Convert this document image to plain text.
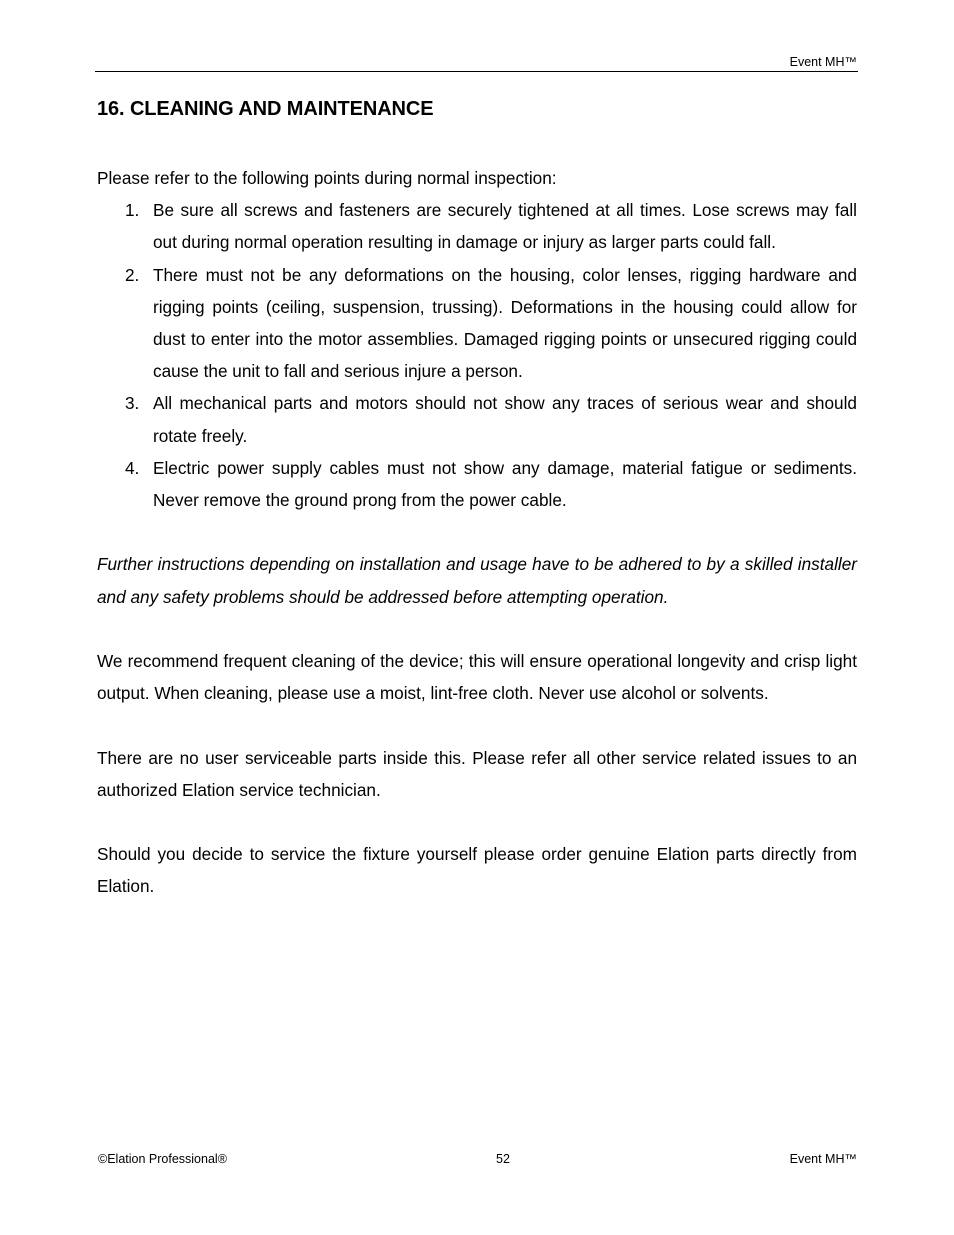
Event MH™
16. CLEANING AND MAINTENANCE

Please refer to the following points during normal inspection:

1. Be sure all screws and fasteners are securely tightened at all times. Lose screws may fall out during normal operation resulting in damage or injury as larger parts could fall.
2. There must not be any deformations on the housing, color lenses, rigging hardware and rigging points (ceiling, suspension, trussing). Deformations in the housing could allow for dust to enter into the motor assemblies. Damaged rigging points or unsecured rigging could cause the unit to fall and serious injure a person.
3. All mechanical parts and motors should not show any traces of serious wear and should rotate freely.
4. Electric power supply cables must not show any damage, material fatigue or sediments. Never remove the ground prong from the power cable.

Further instructions depending on installation and usage have to be adhered to by a skilled installer and any safety problems should be addressed before attempting operation.

We recommend frequent cleaning of the device; this will ensure operational longevity and crisp light output. When cleaning, please use a moist, lint-free cloth. Never use alcohol or solvents.

There are no user serviceable parts inside this. Please refer all other service related issues to an authorized Elation service technician.

Should you decide to service the fixture yourself please order genuine Elation parts directly from Elation.

©Elation Professional®	52	Event MH™
